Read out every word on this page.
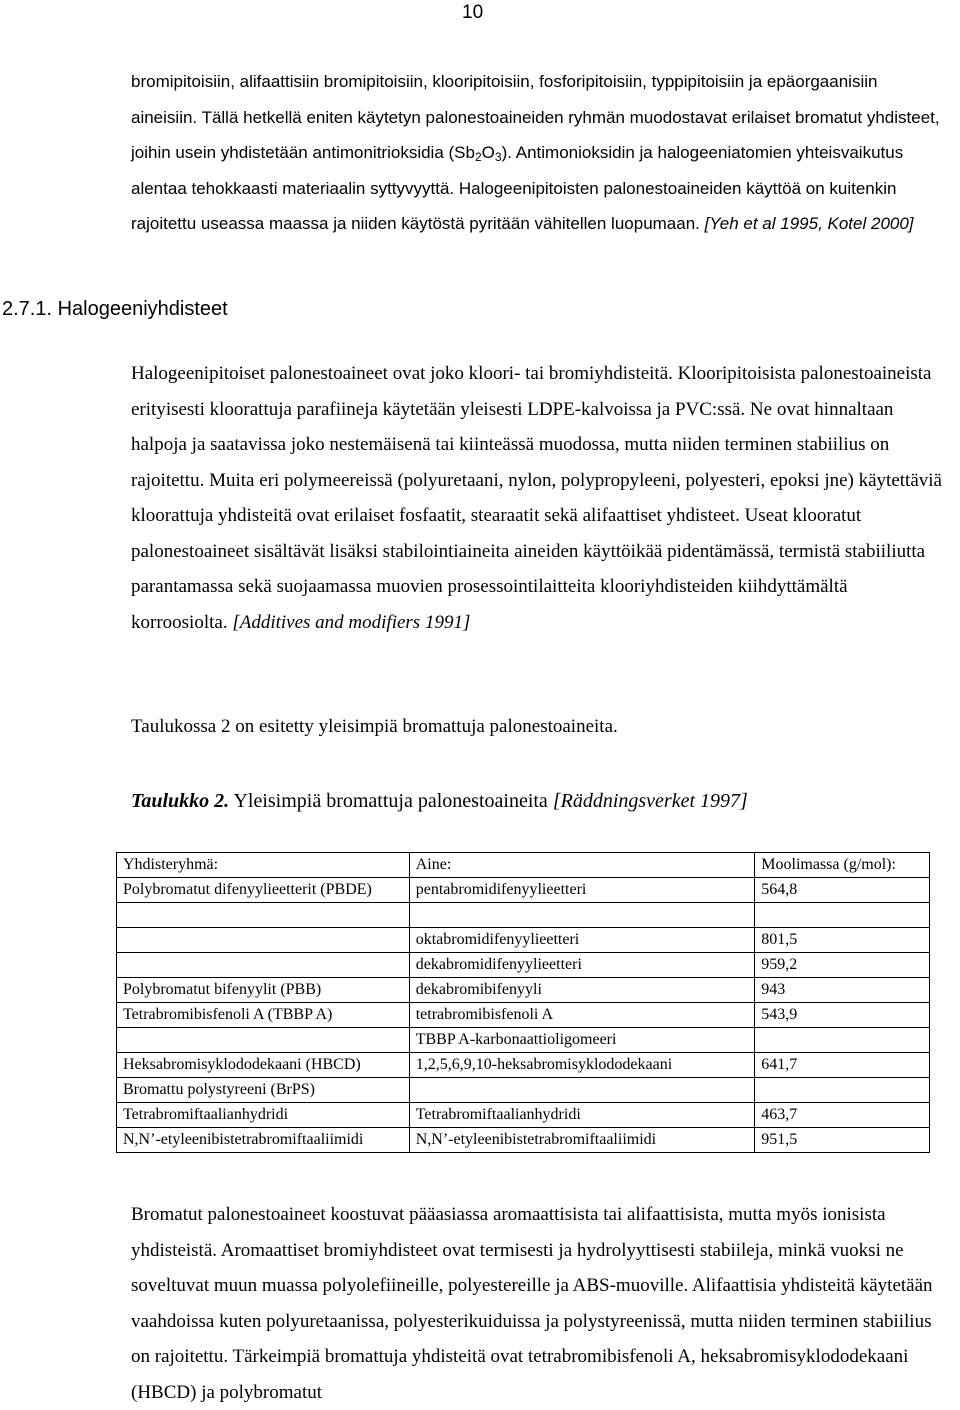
10

bromipitoisiin, alifaattisiin bromipitoisiin, klooripitoisiin, fosforipitoisiin, typpipitoisiin ja epäorgaanisiin aineisiin. Tällä hetkellä eniten käytetyn palonestoaineiden ryhmän muodostavat erilaiset bromatut yhdisteet, joihin usein yhdistetään antimonitrioksidia $(Sb_2O_3)$. Antimonioksidin ja halogeeniatomien yhteisvaikutus alentaa tehokkaasti materiaalin syttyvyyttä. Halogeenipitoisten palonestoaineiden käyttöä on kuitenkin rajoitettu useassa maassa ja niiden käytöstä pyritään vähitellen luopumaan. [Yeh et al 1995, Kotel 2000]

2.7.1. Halogeeniyhdisteet

Halogeenipitoiset palonestoaineet ovat joko kloori- tai bromiyhdisteitä. Klooripitoisista palonestoaineista erityisesti kloorattuja parafiineja käytetään yleisesti LDPE-kalvoissa ja PVC:ssä. Ne ovat hinnaltaan halpoja ja saatavissa joko nestemäisenä tai kiinteässä muodossa, mutta niiden terminen stabiilius on rajoitettu. Muita eri polymeereissä (polyuretaani, nylon, polypropyleeni, polyesteri, epoksi jne) käytettäviä kloorattuja yhdisteitä ovat erilaiset fosfaatit, stearaatit sekä alifaattiset yhdisteet. Useat klooratut palonestoaineet sisältävät lisäksi stabilointiaineita aineiden käyttöikää pidentämässä, termistä stabiiliutta parantamassa sekä suojaamassa muovien prosessointilaitteita klooriyhdisteiden kiihdyttämältä korroosiolta. [Additives and modifiers 1991]

Taulukossa 2 on esitetty yleisimpiä bromattuja palonestoaineita.

Taulukko 2. Yleisimpiä bromattuja palonestoaineita [Räddningsverket 1997]

Yhdisteryhmä:	Aine:	Moolimassa (g/mol):
Polybromatut difenyylieetterit (PBDE)	pentabromidifenyylieetteri	564,8

	oktabromidifenyylieetteri	801,5
	dekabromidifenyylieetteri	959,2
Polybromatut bifenyylit (PBB)	dekabromibifenyyli	943
Tetrabromibisfenoli A (TBBP A)	tetrabromibisfenoli A	543,9
	TBBP A-karbonaattioligomeeri	
Heksabromisyklododekaani (HBCD)	1,2,5,6,9,10-heksabromisyklododekaani	641,7
Bromattu polystyreeni (BrPS)		
Tetrabromiftaalianhydridi	Tetrabromiftaalianhydridi	463,7
N,N’-etyleenibistetrabromiftaaliimidi	N,N’-etyleenibistetrabromiftaaliimidi	951,5

Bromatut palonestoaineet koostuvat pääasiassa aromaattisista tai alifaattisista, mutta myös ionisista yhdisteistä. Aromaattiset bromiyhdisteet ovat termisesti ja hydrolyyttisesti stabiileja, minkä vuoksi ne soveltuvat muun muassa polyolefiineille, polyestereille ja ABS-muoville. Alifaattisia yhdisteitä käytetään vaahdoissa kuten polyuretaanissa, polyesterikuiduissa ja polystyreenissä, mutta niiden terminen stabiilius on rajoitettu. Tärkeimpiä bromattuja yhdisteitä ovat tetrabromibisfenoli A, heksabromisyklododekaani (HBCD) ja polybromatut
